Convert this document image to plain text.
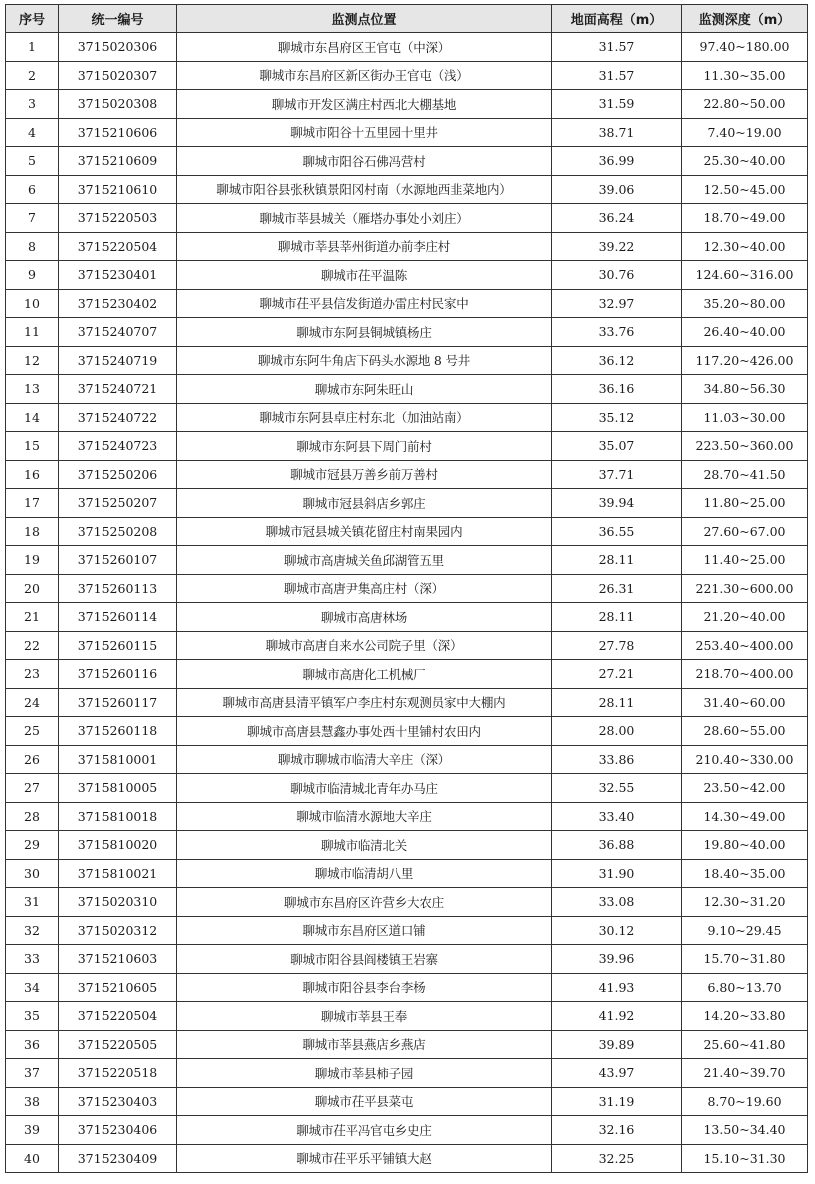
序号	统一编号	监测点位置	地面高程（m）	监测深度（m）
1	3715020306	聊城市东昌府区王官屯（中深）	31.57	97.40~180.00
2	3715020307	聊城市东昌府区新区街办王官屯（浅）	31.57	11.30~35.00
3	3715020308	聊城市开发区满庄村西北大棚基地	31.59	22.80~50.00
4	3715210606	聊城市阳谷十五里园十里井	38.71	7.40~19.00
5	3715210609	聊城市阳谷石佛冯营村	36.99	25.30~40.00
6	3715210610	聊城市阳谷县张秋镇景阳冈村南（水源地西韭菜地内）	39.06	12.50~45.00
7	3715220503	聊城市莘县城关（雁塔办事处小刘庄）	36.24	18.70~49.00
8	3715220504	聊城市莘县莘州街道办前李庄村	39.22	12.30~40.00
9	3715230401	聊城市茌平温陈	30.76	124.60~316.00
10	3715230402	聊城市茌平县信发街道办雷庄村民家中	32.97	35.20~80.00
11	3715240707	聊城市东阿县铜城镇杨庄	33.76	26.40~40.00
12	3715240719	聊城市东阿牛角店下码头水源地 8 号井	36.12	117.20~426.00
13	3715240721	聊城市东阿朱旺山	36.16	34.80~56.30
14	3715240722	聊城市东阿县卓庄村东北（加油站南）	35.12	11.03~30.00
15	3715240723	聊城市东阿县下周门前村	35.07	223.50~360.00
16	3715250206	聊城市冠县万善乡前万善村	37.71	28.70~41.50
17	3715250207	聊城市冠县斜店乡郭庄	39.94	11.80~25.00
18	3715250208	聊城市冠县城关镇花留庄村南果园内	36.55	27.60~67.00
19	3715260107	聊城市高唐城关鱼邱湖管五里	28.11	11.40~25.00
20	3715260113	聊城市高唐尹集高庄村（深）	26.31	221.30~600.00
21	3715260114	聊城市高唐林场	28.11	21.20~40.00
22	3715260115	聊城市高唐自来水公司院子里（深）	27.78	253.40~400.00
23	3715260116	聊城市高唐化工机械厂	27.21	218.70~400.00
24	3715260117	聊城市高唐县清平镇军户李庄村东观测员家中大棚内	28.11	31.40~60.00
25	3715260118	聊城市高唐县慧鑫办事处西十里铺村农田内	28.00	28.60~55.00
26	3715810001	聊城市聊城市临清大辛庄（深）	33.86	210.40~330.00
27	3715810005	聊城市临清城北青年办马庄	32.55	23.50~42.00
28	3715810018	聊城市临清水源地大辛庄	33.40	14.30~49.00
29	3715810020	聊城市临清北关	36.88	19.80~40.00
30	3715810021	聊城市临清胡八里	31.90	18.40~35.00
31	3715020310	聊城市东昌府区许营乡大农庄	33.08	12.30~31.20
32	3715020312	聊城市东昌府区道口铺	30.12	9.10~29.45
33	3715210603	聊城市阳谷县阎楼镇王岩寨	39.96	15.70~31.80
34	3715210605	聊城市阳谷县李台李杨	41.93	6.80~13.70
35	3715220504	聊城市莘县王奉	41.92	14.20~33.80
36	3715220505	聊城市莘县燕店乡燕店	39.89	25.60~41.80
37	3715220518	聊城市莘县柿子园	43.97	21.40~39.70
38	3715230403	聊城市茌平县菜屯	31.19	8.70~19.60
39	3715230406	聊城市茌平冯官屯乡史庄	32.16	13.50~34.40
40	3715230409	聊城市茌平乐平铺镇大赵	32.25	15.10~31.30
